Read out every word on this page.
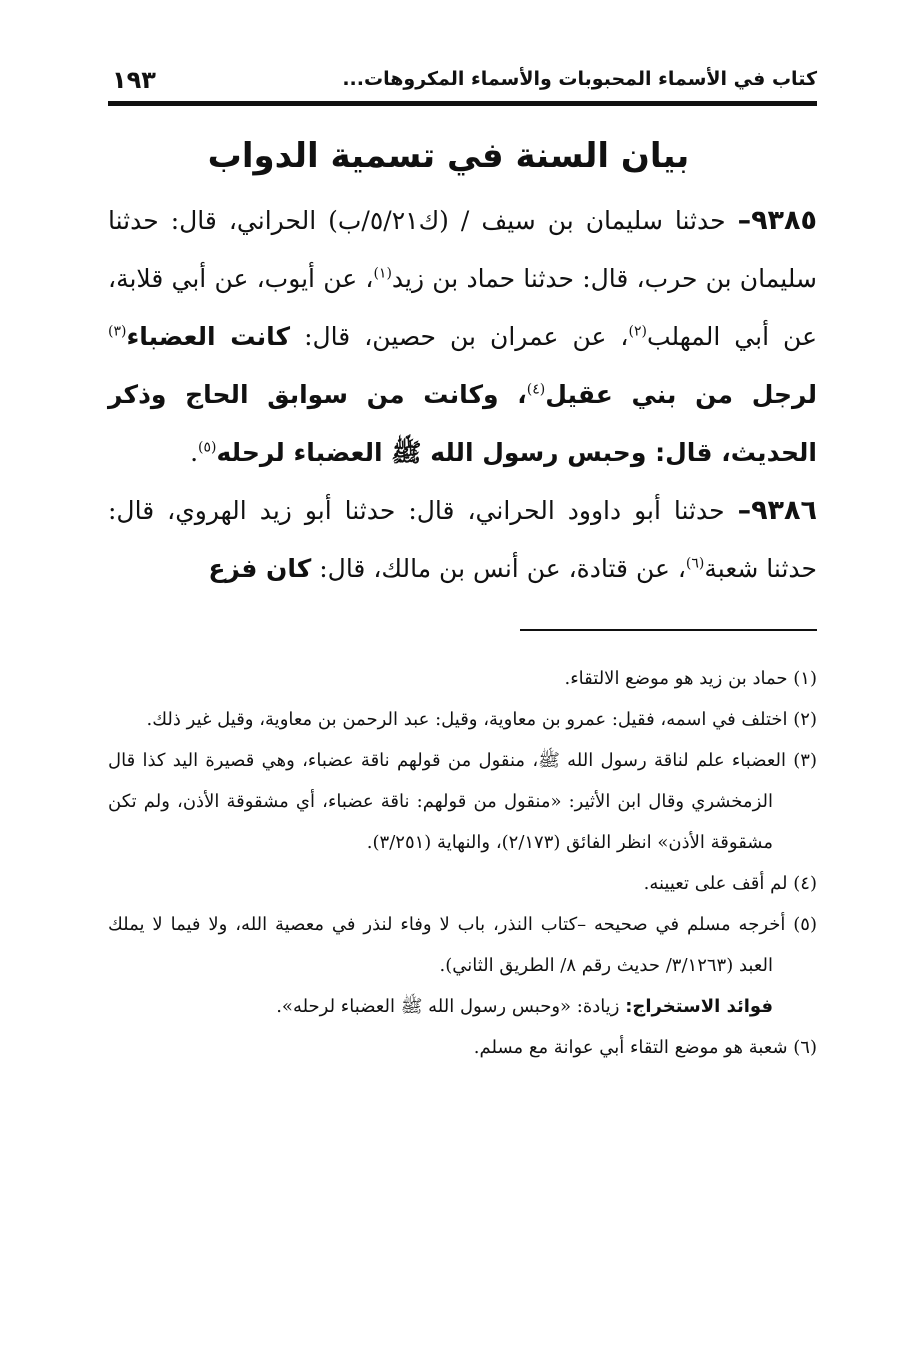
كتاب في الأسماء المحبوبات والأسماء المكروهات...
١٩٣
بيان السنة في تسمية الدواب

٩٣٨٥– حدثنا سليمان بن سيف / (ك٥/٢١/ب) الحراني، قال: حدثنا سليمان بن حرب، قال: حدثنا حماد بن زيد$^{(١)}$، عن أيوب، عن أبي قلابة، عن أبي المهلب$^{(٢)}$، عن عمران بن حصين، قال: كانت العضباء$^{(٣)}$ لرجل من بني عقيل$^{(٤)}$، وكانت من سوابق الحاج وذكر الحديث، قال: وحبس رسول الله ﷺ العضباء لرحله$^{(٥)}$.

٩٣٨٦– حدثنا أبو داوود الحراني، قال: حدثنا أبو زيد الهروي، قال: حدثنا شعبة$^{(٦)}$، عن قتادة، عن أنس بن مالك، قال: كان فزع

(١) حماد بن زيد هو موضع الالتقاء.

(٢) اختلف في اسمه، فقيل: عمرو بن معاوية، وقيل: عبد الرحمن بن معاوية، وقيل غير ذلك.

(٣) العضباء علم لناقة رسول الله ﷺ، منقول من قولهم ناقة عضباء، وهي قصيرة اليد كذا قال الزمخشري وقال ابن الأثير: «منقول من قولهم: ناقة عضباء، أي مشقوقة الأذن، ولم تكن مشقوقة الأذن» انظر الفائق (٢/١٧٣)، والنهاية (٣/٢٥١).

(٤) لم أقف على تعيينه.

(٥) أخرجه مسلم في صحيحه –كتاب النذر، باب لا وفاء لنذر في معصية الله، ولا فيما لا يملك العبد (٣/١٢٦٣/ حديث رقم ٨/ الطريق الثاني).

فوائد الاستخراج: زيادة: «وحبس رسول الله ﷺ العضباء لرحله».

(٦) شعبة هو موضع التقاء أبي عوانة مع مسلم.
